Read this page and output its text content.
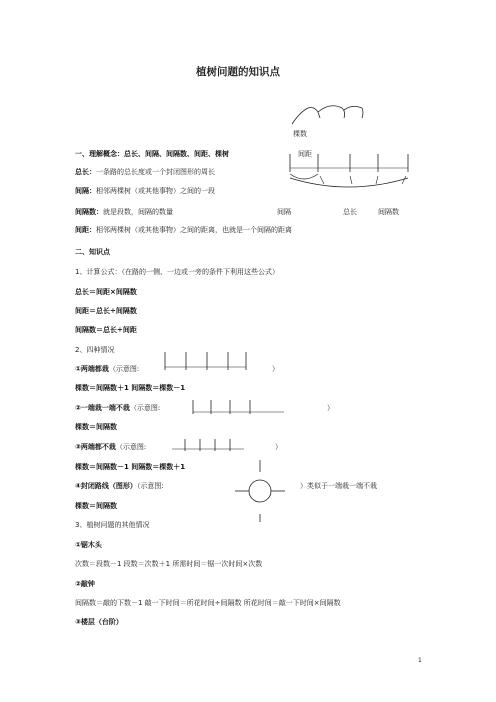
植树问题的知识点
一、理解概念：总长、间隔、间隔数、间距、棵树
总长：一条路的总长度或一个封闭图形的周长
间隔：相邻两棵树（或其他事物）之间的一段
间隔数：就是段数，间隔的数量
间距：相邻两棵树（或其他事物）之间的距离，也就是一个间隔的距离
棵数
间距
间隔	总长	间隔数
二、知识点
1、计算公式：（在路的一侧、一边或一旁的条件下利用这些公式）
总长＝间距×间隔数
间距＝总长÷间隔数
间隔数＝总长÷间距
2、四种情况
①两端都栽（示意图:	）
棵数＝间隔数＋1 间隔数＝棵数－1
②一端栽一端不栽（示意图:	）
棵数＝间隔数
③两端都不栽（示意图:	）
棵数＝间隔数－1 间隔数＝棵数＋1
④封闭路线（图形）（示意图:	）类似于一端栽一端不栽
棵数＝间隔数
3、植树问题的其他情况
①锯木头
次数＝段数－1 段数＝次数＋1 所需时间＝锯一次时间×次数
②敲钟
间隔数＝敲的下数－1 敲一下时间＝所花时间÷间隔数 所花时间＝敲一下时间×间隔数
③楼层（台阶）
1
